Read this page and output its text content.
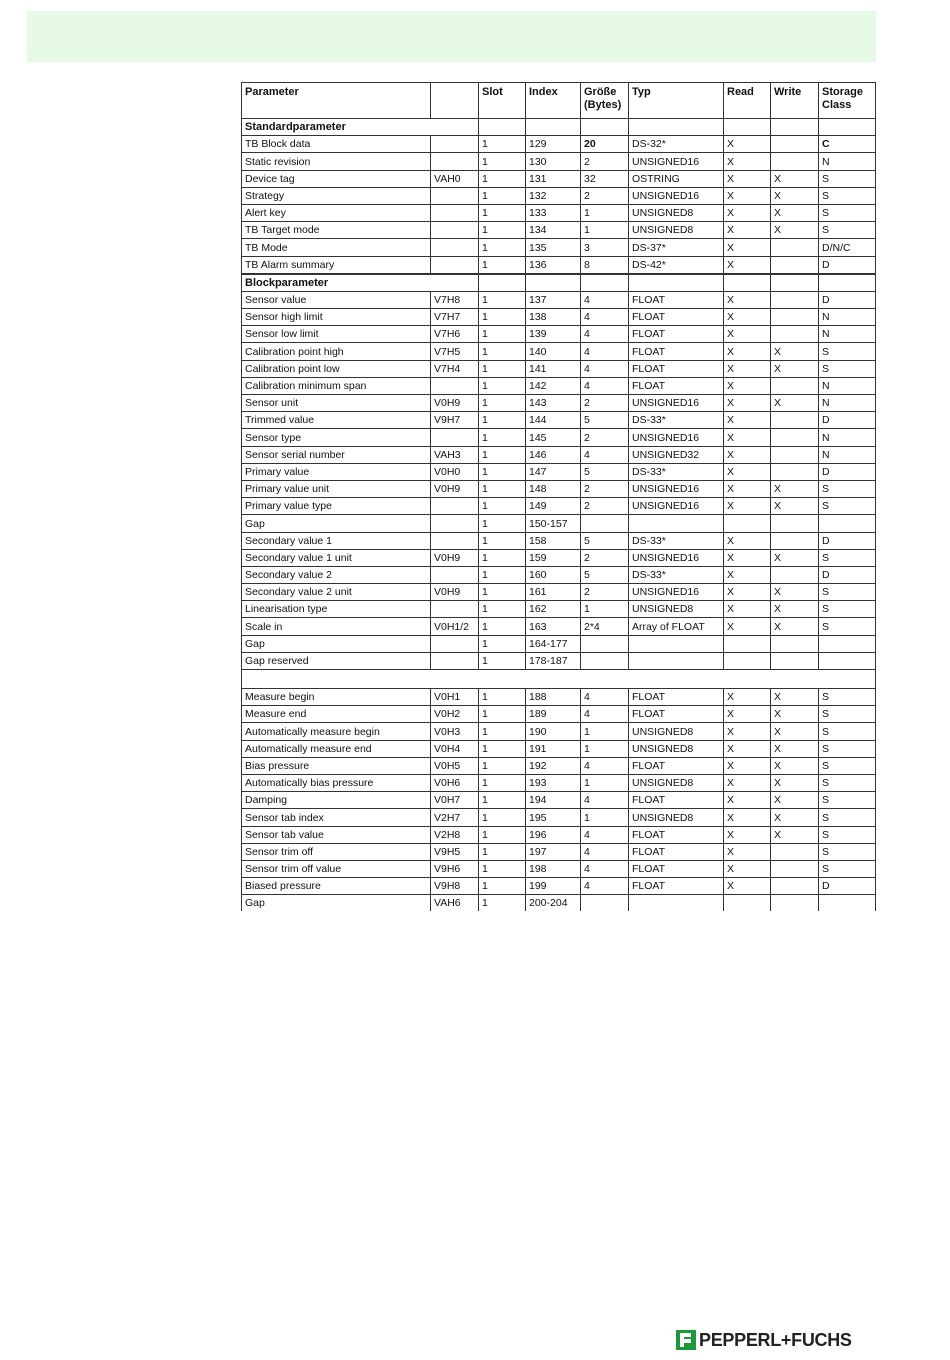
Parameter		Slot	Index	Größe (Bytes)	Typ	Read	Write	Storage Class
Standardparameter								
TB Block data		1	129	20	DS-32*	X		C
Static revision		1	130	2	UNSIGNED16	X		N
Device tag	VAH0	1	131	32	OSTRING	X	X	S
Strategy		1	132	2	UNSIGNED16	X	X	S
Alert key		1	133	1	UNSIGNED8	X	X	S
TB Target mode		1	134	1	UNSIGNED8	X	X	S
TB Mode		1	135	3	DS-37*	X		D/N/C
TB Alarm summary		1	136	8	DS-42*	X		D
Blockparameter								
Sensor value	V7H8	1	137	4	FLOAT	X		D
Sensor high limit	V7H7	1	138	4	FLOAT	X		N
Sensor low limit	V7H6	1	139	4	FLOAT	X		N
Calibration point high	V7H5	1	140	4	FLOAT	X	X	S
Calibration point low	V7H4	1	141	4	FLOAT	X	X	S
Calibration minimum span		1	142	4	FLOAT	X		N
Sensor unit	V0H9	1	143	2	UNSIGNED16	X	X	N
Trimmed value	V9H7	1	144	5	DS-33*	X		D
Sensor type		1	145	2	UNSIGNED16	X		N
Sensor serial number	VAH3	1	146	4	UNSIGNED32	X		N
Primary value	V0H0	1	147	5	DS-33*	X		D
Primary value unit	V0H9	1	148	2	UNSIGNED16	X	X	S
Primary value type		1	149	2	UNSIGNED16	X	X	S
Gap		1	150-157					
Secondary value 1		1	158	5	DS-33*	X		D
Secondary value 1 unit	V0H9	1	159	2	UNSIGNED16	X	X	S
Secondary value 2		1	160	5	DS-33*	X		D
Secondary value 2 unit	V0H9	1	161	2	UNSIGNED16	X	X	S
Linearisation type		1	162	1	UNSIGNED8	X	X	S
Scale in	V0H1/2	1	163	2*4	Array of FLOAT	X	X	S
Gap		1	164-177					
Gap reserved		1	178-187					

Measure begin	V0H1	1	188	4	FLOAT	X	X	S
Measure end	V0H2	1	189	4	FLOAT	X	X	S
Automatically measure begin	V0H3	1	190	1	UNSIGNED8	X	X	S
Automatically measure end	V0H4	1	191	1	UNSIGNED8	X	X	S
Bias pressure	V0H5	1	192	4	FLOAT	X	X	S
Automatically bias pressure	V0H6	1	193	1	UNSIGNED8	X	X	S
Damping	V0H7	1	194	4	FLOAT	X	X	S
Sensor tab index	V2H7	1	195	1	UNSIGNED8	X	X	S
Sensor tab value	V2H8	1	196	4	FLOAT	X	X	S
Sensor trim off	V9H5	1	197	4	FLOAT	X		S
Sensor trim off value	V9H6	1	198	4	FLOAT	X		S
Biased pressure	V9H8	1	199	4	FLOAT	X		D
Gap	VAH6	1	200-204					

PEPPERL+FUCHS
